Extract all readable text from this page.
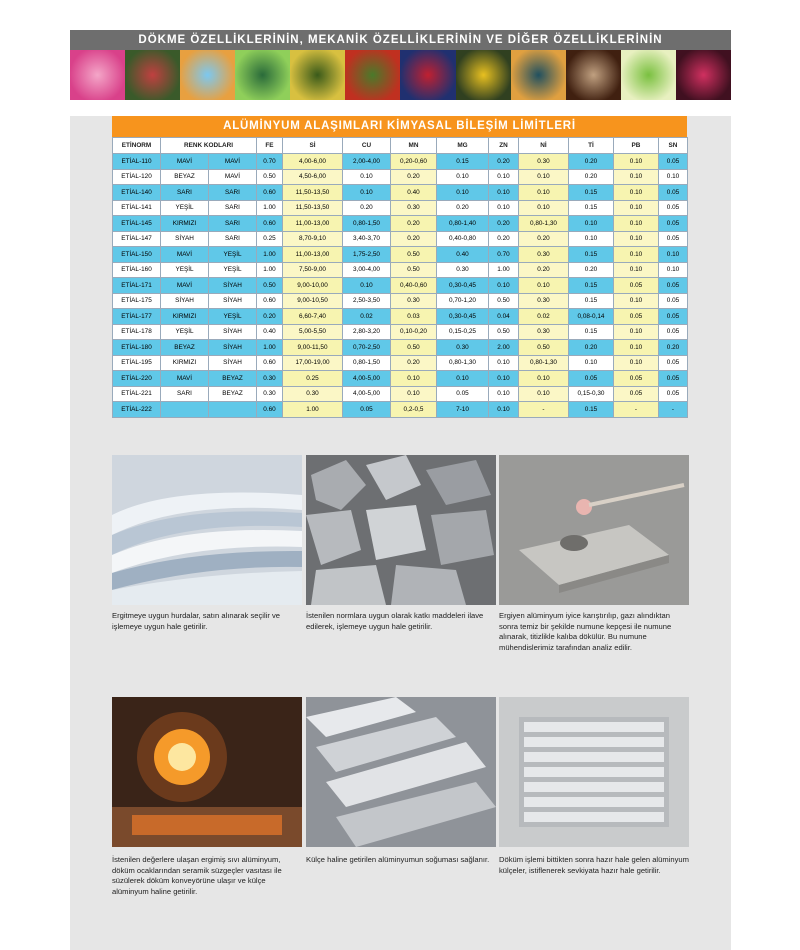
DÖKME ÖZELLİKLERİNİN, MEKANİK ÖZELLİKLERİNİN VE DİĞER ÖZELLİKLERİNİN
ALÜMİNYUM ALAŞIMLARI KİMYASAL BİLEŞİM LİMİTLERİ
ETİNORM	RENK KODLARI		FE	Sİ	CU	MN	MG	ZN	Nİ	Tİ	PB	SN
ETİAL-110	MAVİ	MAVİ	0.70	4,00-6,00	2,00-4,00	0,20-0,60	0.15	0.20	0.30	0.20	0.10	0.05
ETİAL-120	BEYAZ	MAVİ	0.50	4,50-6,00	0.10	0.20	0.10	0.10	0.10	0.20	0.10	0.10
ETİAL-140	SARI	SARI	0.60	11,50-13,50	0.10	0.40	0.10	0.10	0.10	0.15	0.10	0.05
ETİAL-141	YEŞİL	SARI	1.00	11,50-13,50	0.20	0.30	0.20	0.10	0.10	0.15	0.10	0.05
ETİAL-145	KIRMIZI	SARI	0.60	11,00-13,00	0,80-1,50	0.20	0,80-1,40	0.20	0,80-1,30	0.10	0.10	0.05
ETİAL-147	SİYAH	SARI	0.25	8,70-9,10	3,40-3,70	0.20	0,40-0,80	0.20	0.20	0.10	0.10	0.05
ETİAL-150	MAVİ	YEŞİL	1.00	11,00-13,00	1,75-2,50	0.50	0.40	0.70	0.30	0.15	0.10	0.10
ETİAL-160	YEŞİL	YEŞİL	1.00	7,50-9,00	3,00-4,00	0.50	0.30	1.00	0.20	0.20	0.10	0.10
ETİAL-171	MAVİ	SİYAH	0.50	9,00-10,00	0.10	0,40-0,60	0,30-0,45	0.10	0.10	0.15	0.05	0.05
ETİAL-175	SİYAH	SİYAH	0.60	9,00-10,50	2,50-3,50	0.30	0,70-1,20	0.50	0.30	0.15	0.10	0.05
ETİAL-177	KIRMIZI	YEŞİL	0.20	6,60-7,40	0.02	0.03	0,30-0,45	0.04	0.02	0,08-0,14	0.05	0.05
ETİAL-178	YEŞİL	SİYAH	0.40	5,00-5,50	2,80-3,20	0,10-0,20	0,15-0,25	0.50	0.30	0.15	0.10	0.05
ETİAL-180	BEYAZ	SİYAH	1.00	9,00-11,50	0,70-2,50	0.50	0.30	2.00	0.50	0.20	0.10	0.20
ETİAL-195	KIRMIZI	SİYAH	0.60	17,00-19,00	0,80-1,50	0.20	0,80-1,30	0.10	0,80-1,30	0.10	0.10	0.05
ETİAL-220	MAVİ	BEYAZ	0.30	0.25	4,00-5,00	0.10	0.10	0.10	0.10	0.05	0.05	0.05
ETİAL-221	SARI	BEYAZ	0.30	0.30	4,00-5,00	0.10	0.05	0.10	0.10	0,15-0,30	0.05	0.05
ETİAL-222			0.60	1.00	0.05	0,2-0,5	7-10	0.10	-	0.15	-	-
Ergitmeye uygun hurdalar, satın alınarak seçilir ve işlemeye uygun hale getirilir.
İstenilen normlara uygun olarak katkı maddeleri ilave edilerek, işlemeye uygun hale getirilir.
Ergiyen alüminyum iyice karıştırılıp, gazı alındıktan sonra temiz bir şekilde numune kepçesi ile numune alınarak, titizlikle kalıba dökülür. Bu numune mühendislerimiz tarafından analiz edilir.
İstenilen değerlere ulaşan ergimiş sıvı alüminyum, döküm ocaklarından seramik süzgeçler vasıtası ile süzülerek döküm konveyörüne ulaşır ve külçe alüminyum haline getirilir.
Külçe haline getirilen alüminyumun soğuması sağlanır.	Döküm işlemi bittikten sonra hazır hale gelen alüminyum külçeler, istiflenerek sevkiyata hazır hale getirilir.
